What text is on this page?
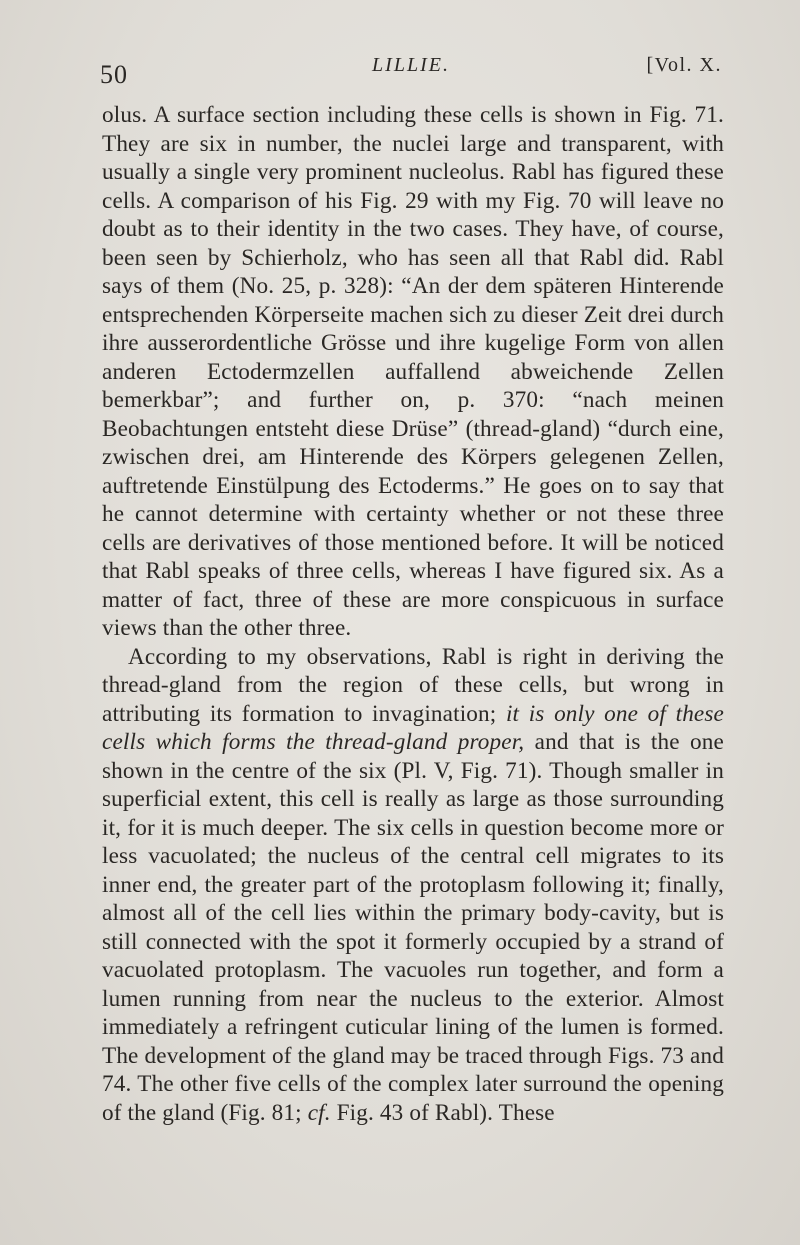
50	LILLIE.	[Vol. X.

olus. A surface section including these cells is shown in Fig. 71. They are six in number, the nuclei large and transparent, with usually a single very prominent nucleolus. Rabl has figured these cells. A comparison of his Fig. 29 with my Fig. 70 will leave no doubt as to their identity in the two cases. They have, of course, been seen by Schierholz, who has seen all that Rabl did. Rabl says of them (No. 25, p. 328): “An der dem späteren Hinterende entsprechenden Körperseite machen sich zu dieser Zeit drei durch ihre ausserordentliche Grösse und ihre kugelige Form von allen anderen Ectodermzellen auffallend abweichende Zellen bemerkbar”; and further on, p. 370: “nach meinen Beobachtungen entsteht diese Drüse” (thread-gland) “durch eine, zwischen drei, am Hinterende des Körpers gelegenen Zellen, auftretende Einstülpung des Ectoderms.” He goes on to say that he cannot determine with certainty whether or not these three cells are derivatives of those mentioned before. It will be noticed that Rabl speaks of three cells, whereas I have figured six. As a matter of fact, three of these are more conspicuous in surface views than the other three.

According to my observations, Rabl is right in deriving the thread-gland from the region of these cells, but wrong in attributing its formation to invagination; it is only one of these cells which forms the thread-gland proper, and that is the one shown in the centre of the six (Pl. V, Fig. 71). Though smaller in superficial extent, this cell is really as large as those surrounding it, for it is much deeper. The six cells in question become more or less vacuolated; the nucleus of the central cell migrates to its inner end, the greater part of the protoplasm following it; finally, almost all of the cell lies within the primary body-cavity, but is still connected with the spot it formerly occupied by a strand of vacuolated protoplasm. The vacuoles run together, and form a lumen running from near the nucleus to the exterior. Almost immediately a refringent cuticular lining of the lumen is formed. The development of the gland may be traced through Figs. 73 and 74. The other five cells of the complex later surround the opening of the gland (Fig. 81; cf. Fig. 43 of Rabl). These
